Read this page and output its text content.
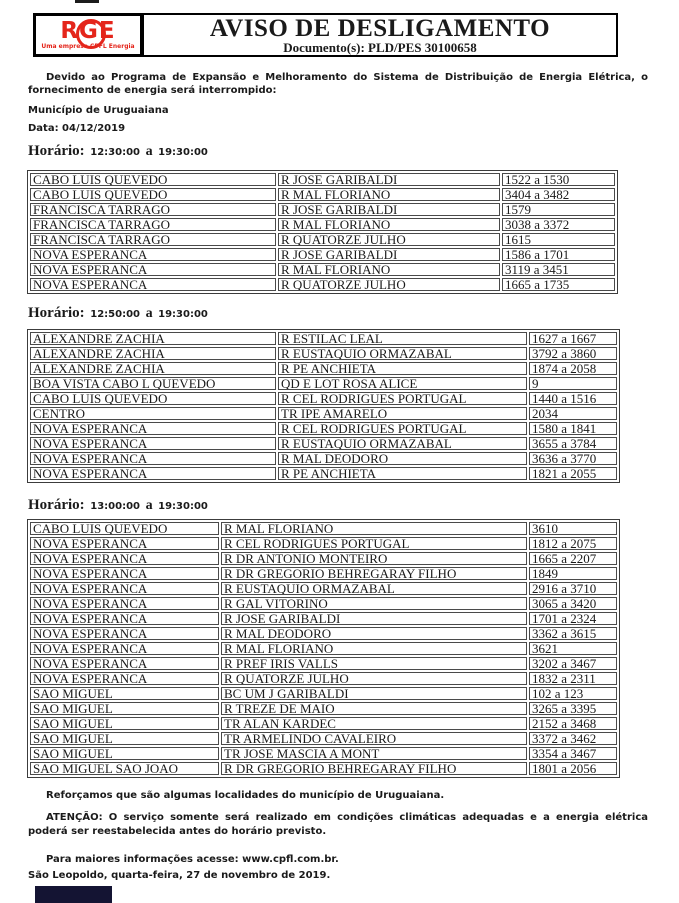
RGE
Uma empresa CPFL Energia
AVISO DE DESLIGAMENTO
Documento(s): PLD/PES 30100658

Devido ao Programa de Expansão e Melhoramento do Sistema de Distribuição de Energia Elétrica, o fornecimento de energia será interrompido:

Município de Uruguaiana

Data: 04/12/2019

Horário: 12:30:00 a 19:30:00
CABO LUIS QUEVEDO	R JOSE GARIBALDI	1522 a 1530
CABO LUIS QUEVEDO	R MAL FLORIANO	3404 a 3482
FRANCISCA TARRAGO	R JOSE GARIBALDI	1579
FRANCISCA TARRAGO	R MAL FLORIANO	3038 a 3372
FRANCISCA TARRAGO	R QUATORZE JULHO	1615
NOVA ESPERANCA	R JOSE GARIBALDI	1586 a 1701
NOVA ESPERANCA	R MAL FLORIANO	3119 a 3451
NOVA ESPERANCA	R QUATORZE JULHO	1665 a 1735
Horário: 12:50:00 a 19:30:00
ALEXANDRE ZACHIA	R ESTILAC LEAL	1627 a 1667
ALEXANDRE ZACHIA	R EUSTAQUIO ORMAZABAL	3792 a 3860
ALEXANDRE ZACHIA	R PE ANCHIETA	1874 a 2058
BOA VISTA CABO L QUEVEDO	QD E LOT ROSA ALICE	9
CABO LUIS QUEVEDO	R CEL RODRIGUES PORTUGAL	1440 a 1516
CENTRO	TR IPE AMARELO	2034
NOVA ESPERANCA	R CEL RODRIGUES PORTUGAL	1580 a 1841
NOVA ESPERANCA	R EUSTAQUIO ORMAZABAL	3655 a 3784
NOVA ESPERANCA	R MAL DEODORO	3636 a 3770
NOVA ESPERANCA	R PE ANCHIETA	1821 a 2055
Horário: 13:00:00 a 19:30:00
CABO LUIS QUEVEDO	R MAL FLORIANO	3610
NOVA ESPERANCA	R CEL RODRIGUES PORTUGAL	1812 a 2075
NOVA ESPERANCA	R DR ANTONIO MONTEIRO	1665 a 2207
NOVA ESPERANCA	R DR GREGORIO BEHREGARAY FILHO	1849
NOVA ESPERANCA	R EUSTAQUIO ORMAZABAL	2916 a 3710
NOVA ESPERANCA	R GAL VITORINO	3065 a 3420
NOVA ESPERANCA	R JOSE GARIBALDI	1701 a 2324
NOVA ESPERANCA	R MAL DEODORO	3362 a 3615
NOVA ESPERANCA	R MAL FLORIANO	3621
NOVA ESPERANCA	R PREF IRIS VALLS	3202 a 3467
NOVA ESPERANCA	R QUATORZE JULHO	1832 a 2311
SAO MIGUEL	BC UM J GARIBALDI	102 a 123
SAO MIGUEL	R TREZE DE MAIO	3265 a 3395
SAO MIGUEL	TR ALAN KARDEC	2152 a 3468
SAO MIGUEL	TR ARMELINDO CAVALEIRO	3372 a 3462
SAO MIGUEL	TR JOSE MASCIA A MONT	3354 a 3467
SAO MIGUEL SAO JOAO	R DR GREGORIO BEHREGARAY FILHO	1801 a 2056

Reforçamos que são algumas localidades do município de Uruguaiana.

ATENÇÃO: O serviço somente será realizado em condições climáticas adequadas e a energia elétrica poderá ser reestabelecida antes do horário previsto.

Para maiores informações acesse: www.cpfl.com.br.

São Leopoldo, quarta-feira, 27 de novembro de 2019.
